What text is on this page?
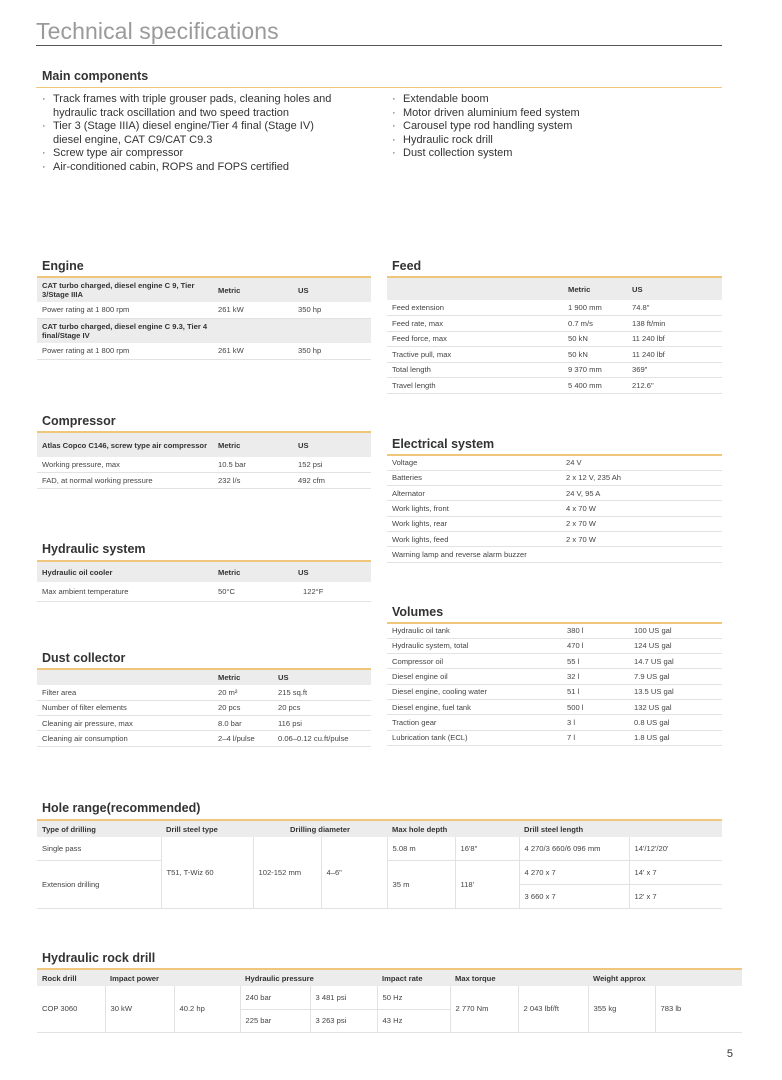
Technical specifications
Main components
· Track frames with triple grouser pads, cleaning holes and hydraulic track oscillation and two speed traction
· Tier 3 (Stage IIIA) diesel engine/Tier 4 final (Stage IV) diesel engine, CAT C9/CAT C9.3
· Screw type air compressor
· Air-conditioned cabin, ROPS and FOPS certified
· Extendable boom
· Motor driven aluminium feed system
· Carousel type rod handling system
· Hydraulic rock drill
· Dust collection system
Engine
CAT turbo charged, diesel engine C 9, Tier 3/Stage IIIA	Metric	US
Power rating at 1 800 rpm	261 kW	350 hp
CAT turbo charged, diesel engine C 9.3, Tier 4 final/Stage IV		
Power rating at 1 800 rpm	261 kW	350 hp
Feed
	Metric	US
Feed extension	1 900 mm	74.8"
Feed rate, max	0.7 m/s	138 ft/min
Feed force, max	50 kN	11 240 lbf
Tractive pull, max	50 kN	11 240 lbf
Total length	9 370 mm	369"
Travel length	5 400 mm	212.6"
Compressor
Atlas Copco C146, screw type air compressor	Metric	US
Working pressure, max	10.5 bar	152 psi
FAD, at normal working pressure	232 l/s	492 cfm
Electrical system
Voltage	24 V
Batteries	2 x 12 V, 235 Ah
Alternator	24 V, 95 A
Work lights, front	4 x 70 W
Work lights, rear	2 x 70 W
Work lights, feed	2 x 70 W
Warning lamp and reverse alarm buzzer	
Hydraulic system
Hydraulic oil cooler	Metric	US
Max ambient temperature	50°C	122°F
Volumes
Hydraulic oil tank	380 l	100 US gal
Hydraulic system, total	470 l	124 US gal
Compressor oil	55 l	14.7 US gal
Diesel engine oil	32 l	7.9 US gal
Diesel engine, cooling water	51 l	13.5 US gal
Diesel engine, fuel tank	500 l	132 US gal
Traction gear	3 l	0.8 US gal
Lubrication tank (ECL)	7 l	1.8 US gal
Dust collector
	Metric	US
Filter area	20 m²	215 sq.ft
Number of filter elements	20 pcs	20 pcs
Cleaning air pressure, max	8.0 bar	116 psi
Cleaning air consumption	2–4 l/pulse	0.06–0.12 cu.ft/pulse
Hole range(recommended)
Type of drilling	Drill steel type	Drilling diameter		Max hole depth		Drill steel length	
Single pass	T51, T-Wiz 60	102-152 mm	4–6"	5.08 m	16'8"	4 270/3 660/6 096 mm	14'/12'/20'
Extension drilling				35 m	118'	4 270 x 7	14' x 7
						3 660 x 7	12' x 7
Hydraulic rock drill
Rock drill	Impact power		Hydraulic pressure		Impact rate	Max torque		Weight approx	
COP 3060	30 kW	40.2 hp	240 bar	3 481 psi	50 Hz	2 770 Nm	2 043 lbf/ft	355 kg	783 lb
			225 bar	3 263 psi	43 Hz				
5
